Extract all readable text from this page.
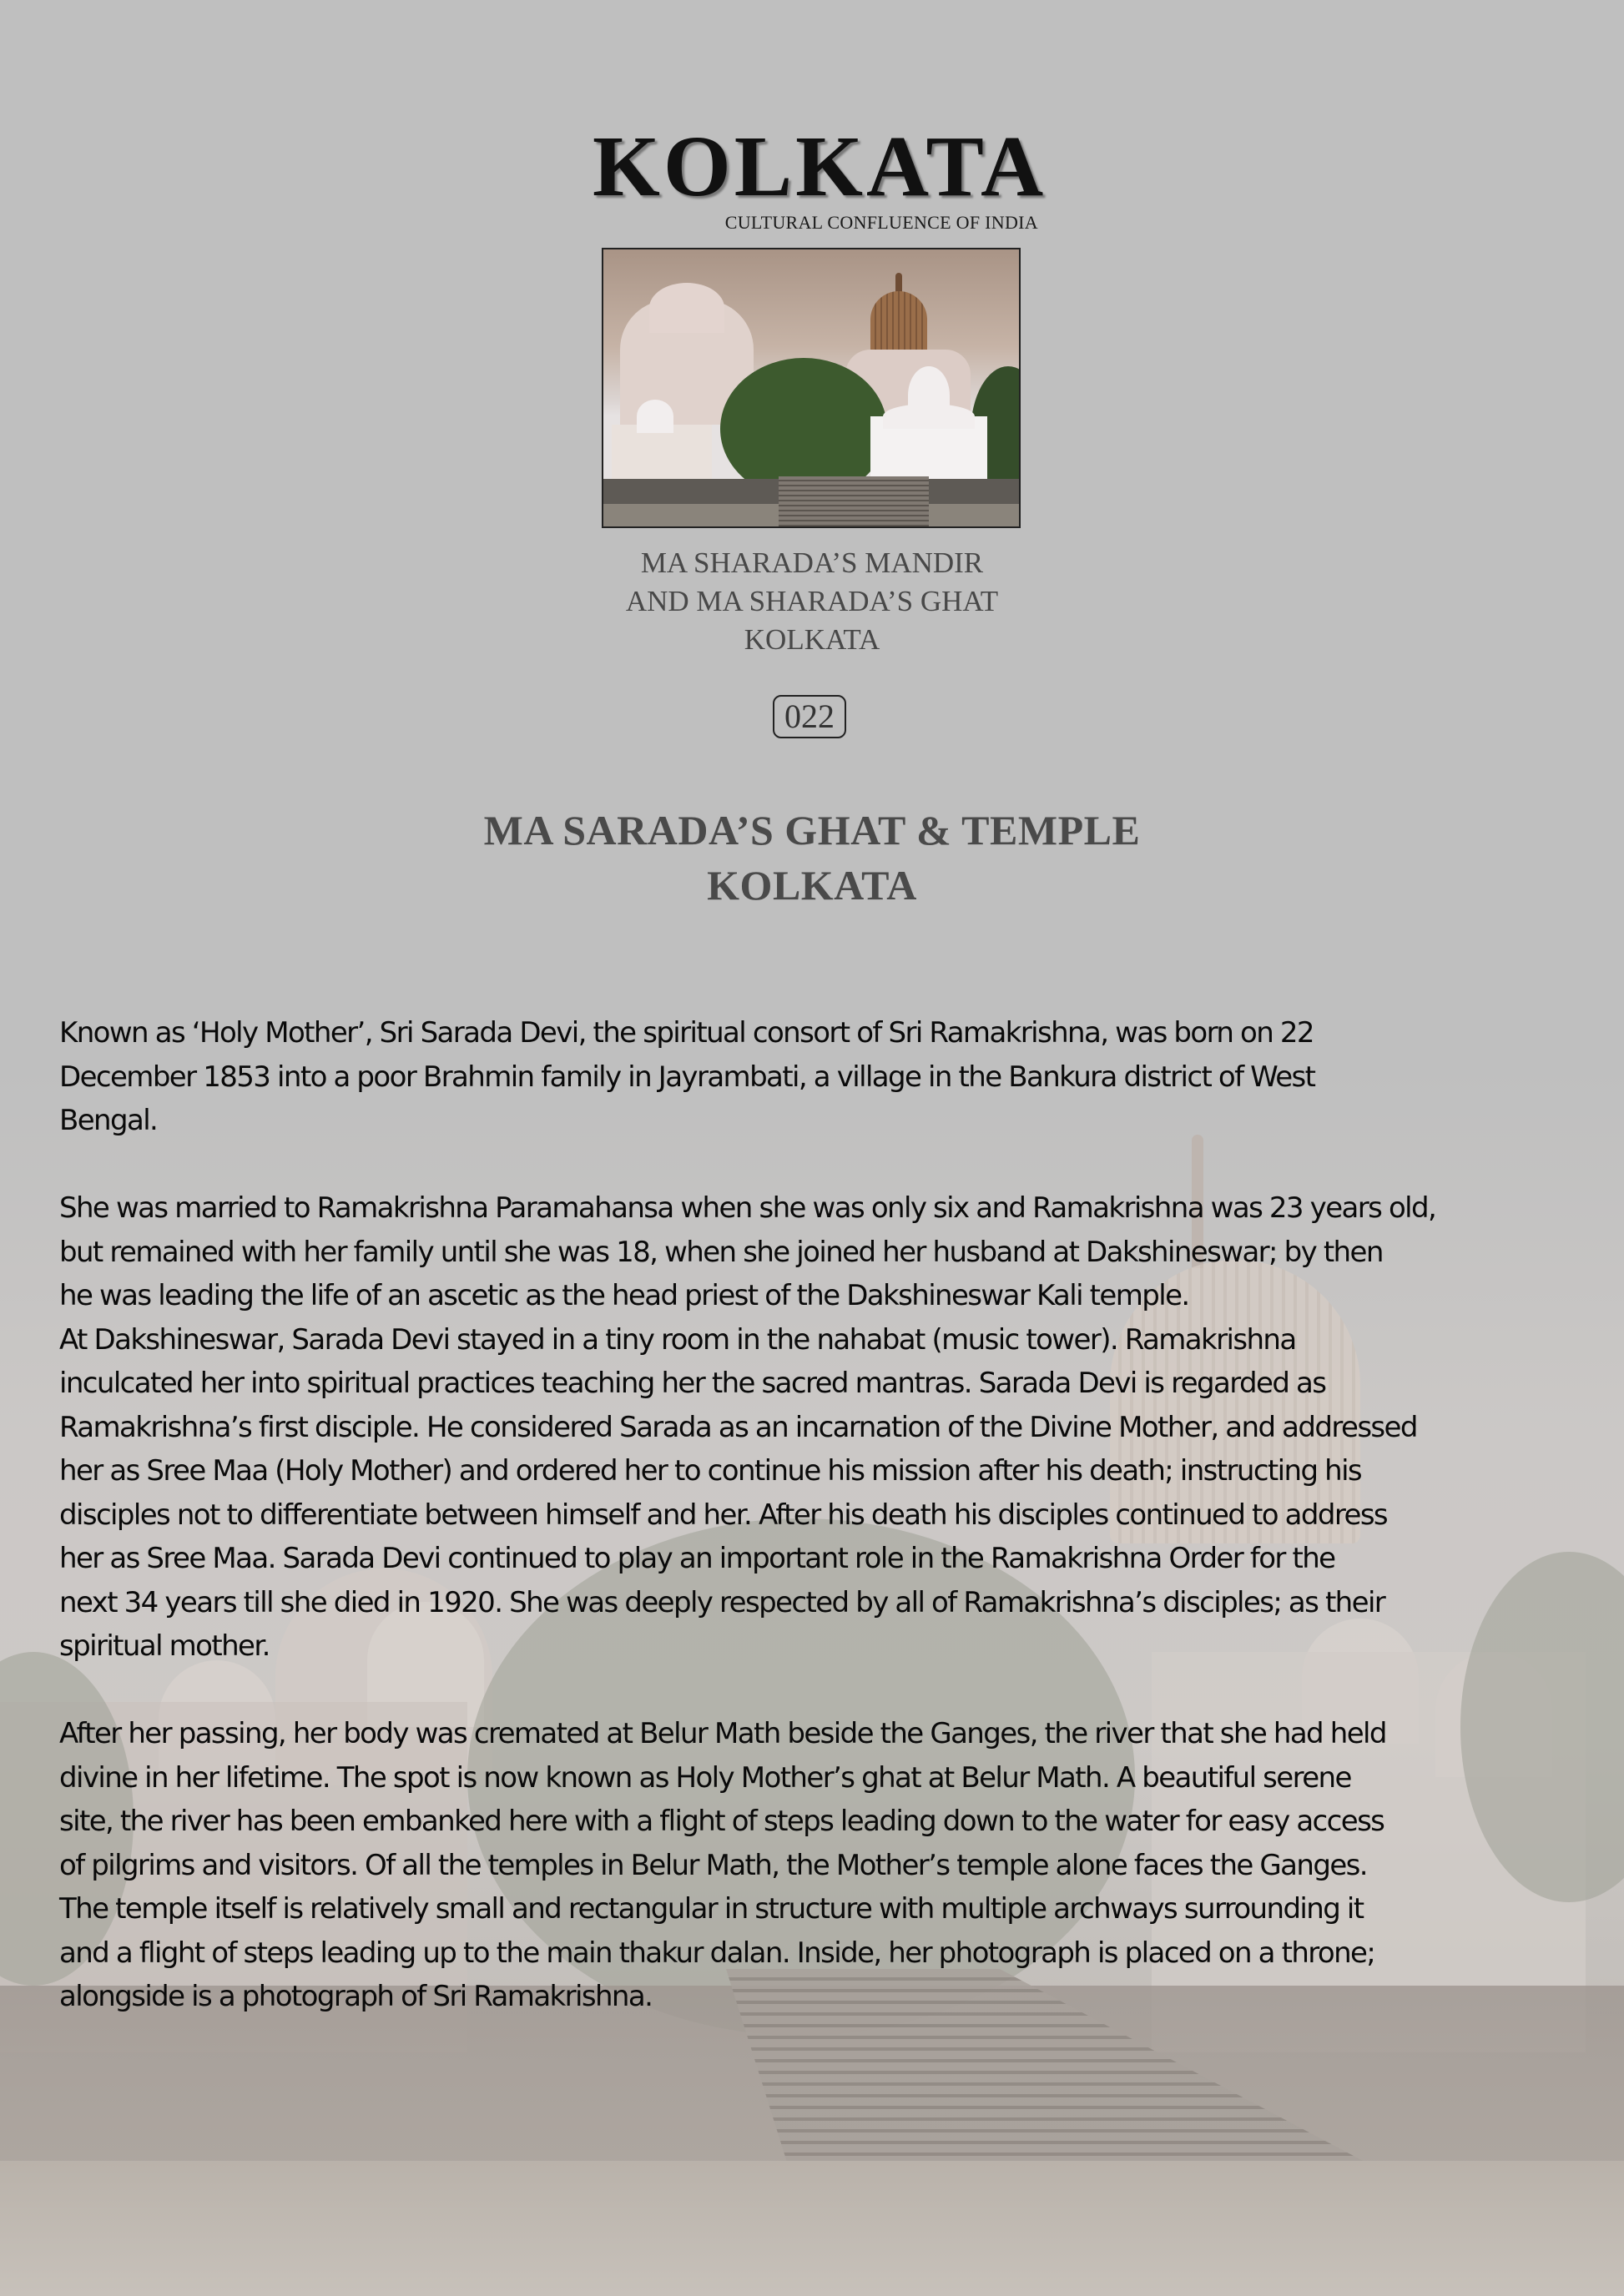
KOLKATA
CULTURAL CONFLUENCE OF INDIA
MA SHARADA’S MANDIR
AND MA SHARADA’S GHAT
KOLKATA
022
MA SARADA’S GHAT & TEMPLE
KOLKATA
Known as ‘Holy Mother’, Sri Sarada Devi, the spiritual consort of Sri Ramakrishna, was born on 22
December 1853 into a poor Brahmin family in Jayrambati, a village in the Bankura district of West
Bengal.
She was married to Ramakrishna Paramahansa when she was only six and Ramakrishna was 23 years old,
but remained with her family until she was 18, when she joined her husband at Dakshineswar; by then
he was leading the life of an ascetic as the head priest of the Dakshineswar Kali temple.
At Dakshineswar, Sarada Devi stayed in a tiny room in the nahabat (music tower). Ramakrishna
inculcated her into spiritual practices teaching her the sacred mantras. Sarada Devi is regarded as
Ramakrishna’s first disciple. He considered Sarada as an incarnation of the Divine Mother, and addressed
her as Sree Maa (Holy Mother) and ordered her to continue his mission after his death; instructing his
disciples not to differentiate between himself and her. After his death his disciples continued to address
her as Sree Maa. Sarada Devi continued to play an important role in the Ramakrishna Order for the
next 34 years till she died in 1920. She was deeply respected by all of Ramakrishna’s disciples; as their
spiritual mother.
After her passing, her body was cremated at Belur Math beside the Ganges, the river that she had held
divine in her lifetime. The spot is now known as Holy Mother’s ghat at Belur Math. A beautiful serene
site, the river has been embanked here with a flight of steps leading down to the water for easy access
of pilgrims and visitors. Of all the temples in Belur Math, the Mother’s temple alone faces the Ganges.
The temple itself is relatively small and rectangular in structure with multiple archways surrounding it
and a flight of steps leading up to the main thakur dalan. Inside, her photograph is placed on a throne;
alongside is a photograph of Sri Ramakrishna.
